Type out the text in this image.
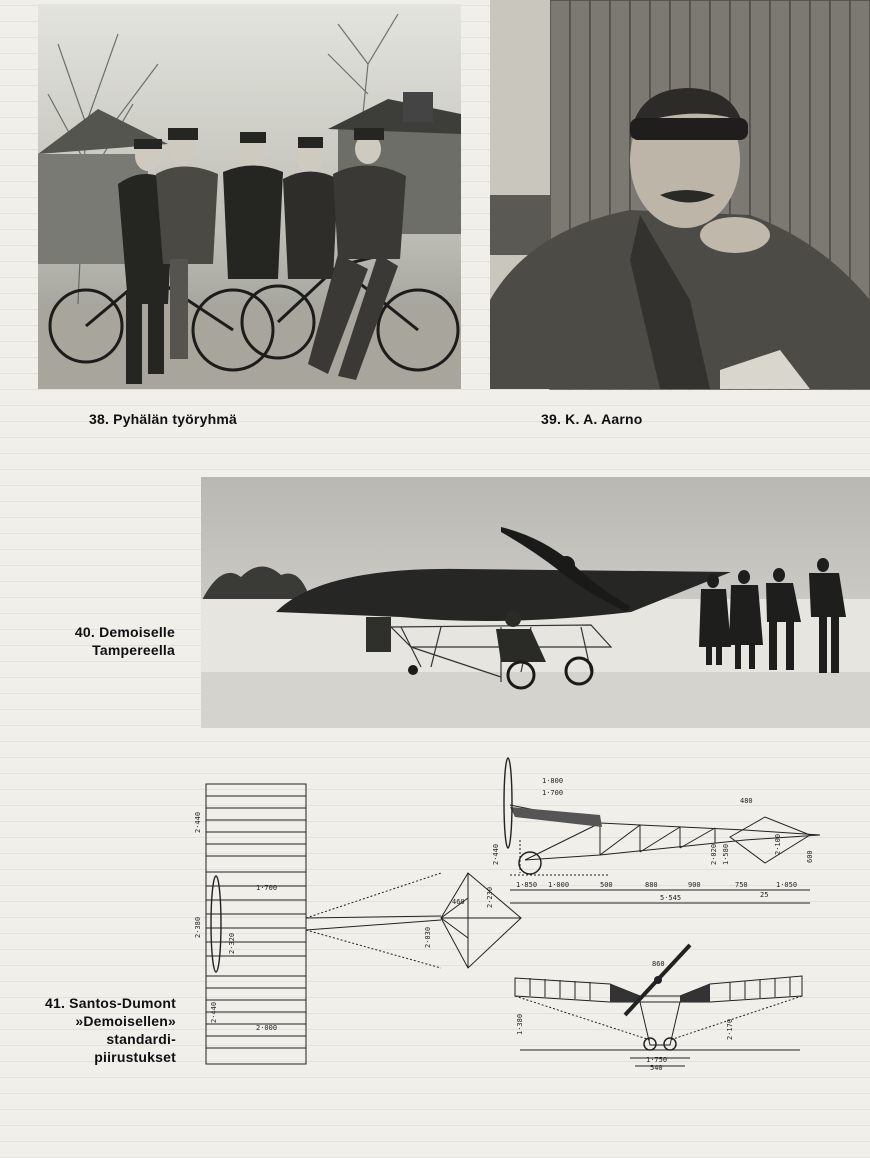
38. Pyhälän työryhmä	39. K. A. Aarno
40. Demoiselle
Tampereella
2·440
1·700
2·380
2·320
2·440
2·000
460
2·030
2·230
1·800
1·700
2·440
480
2·020 1·580	2·100
600
1·850 1·000	500	880	900	750	1·050
5·545	25
860
1·380	2·170
1·750
540
41. Santos-Dumont
»Demoisellen»
standardi-
piirustukset
